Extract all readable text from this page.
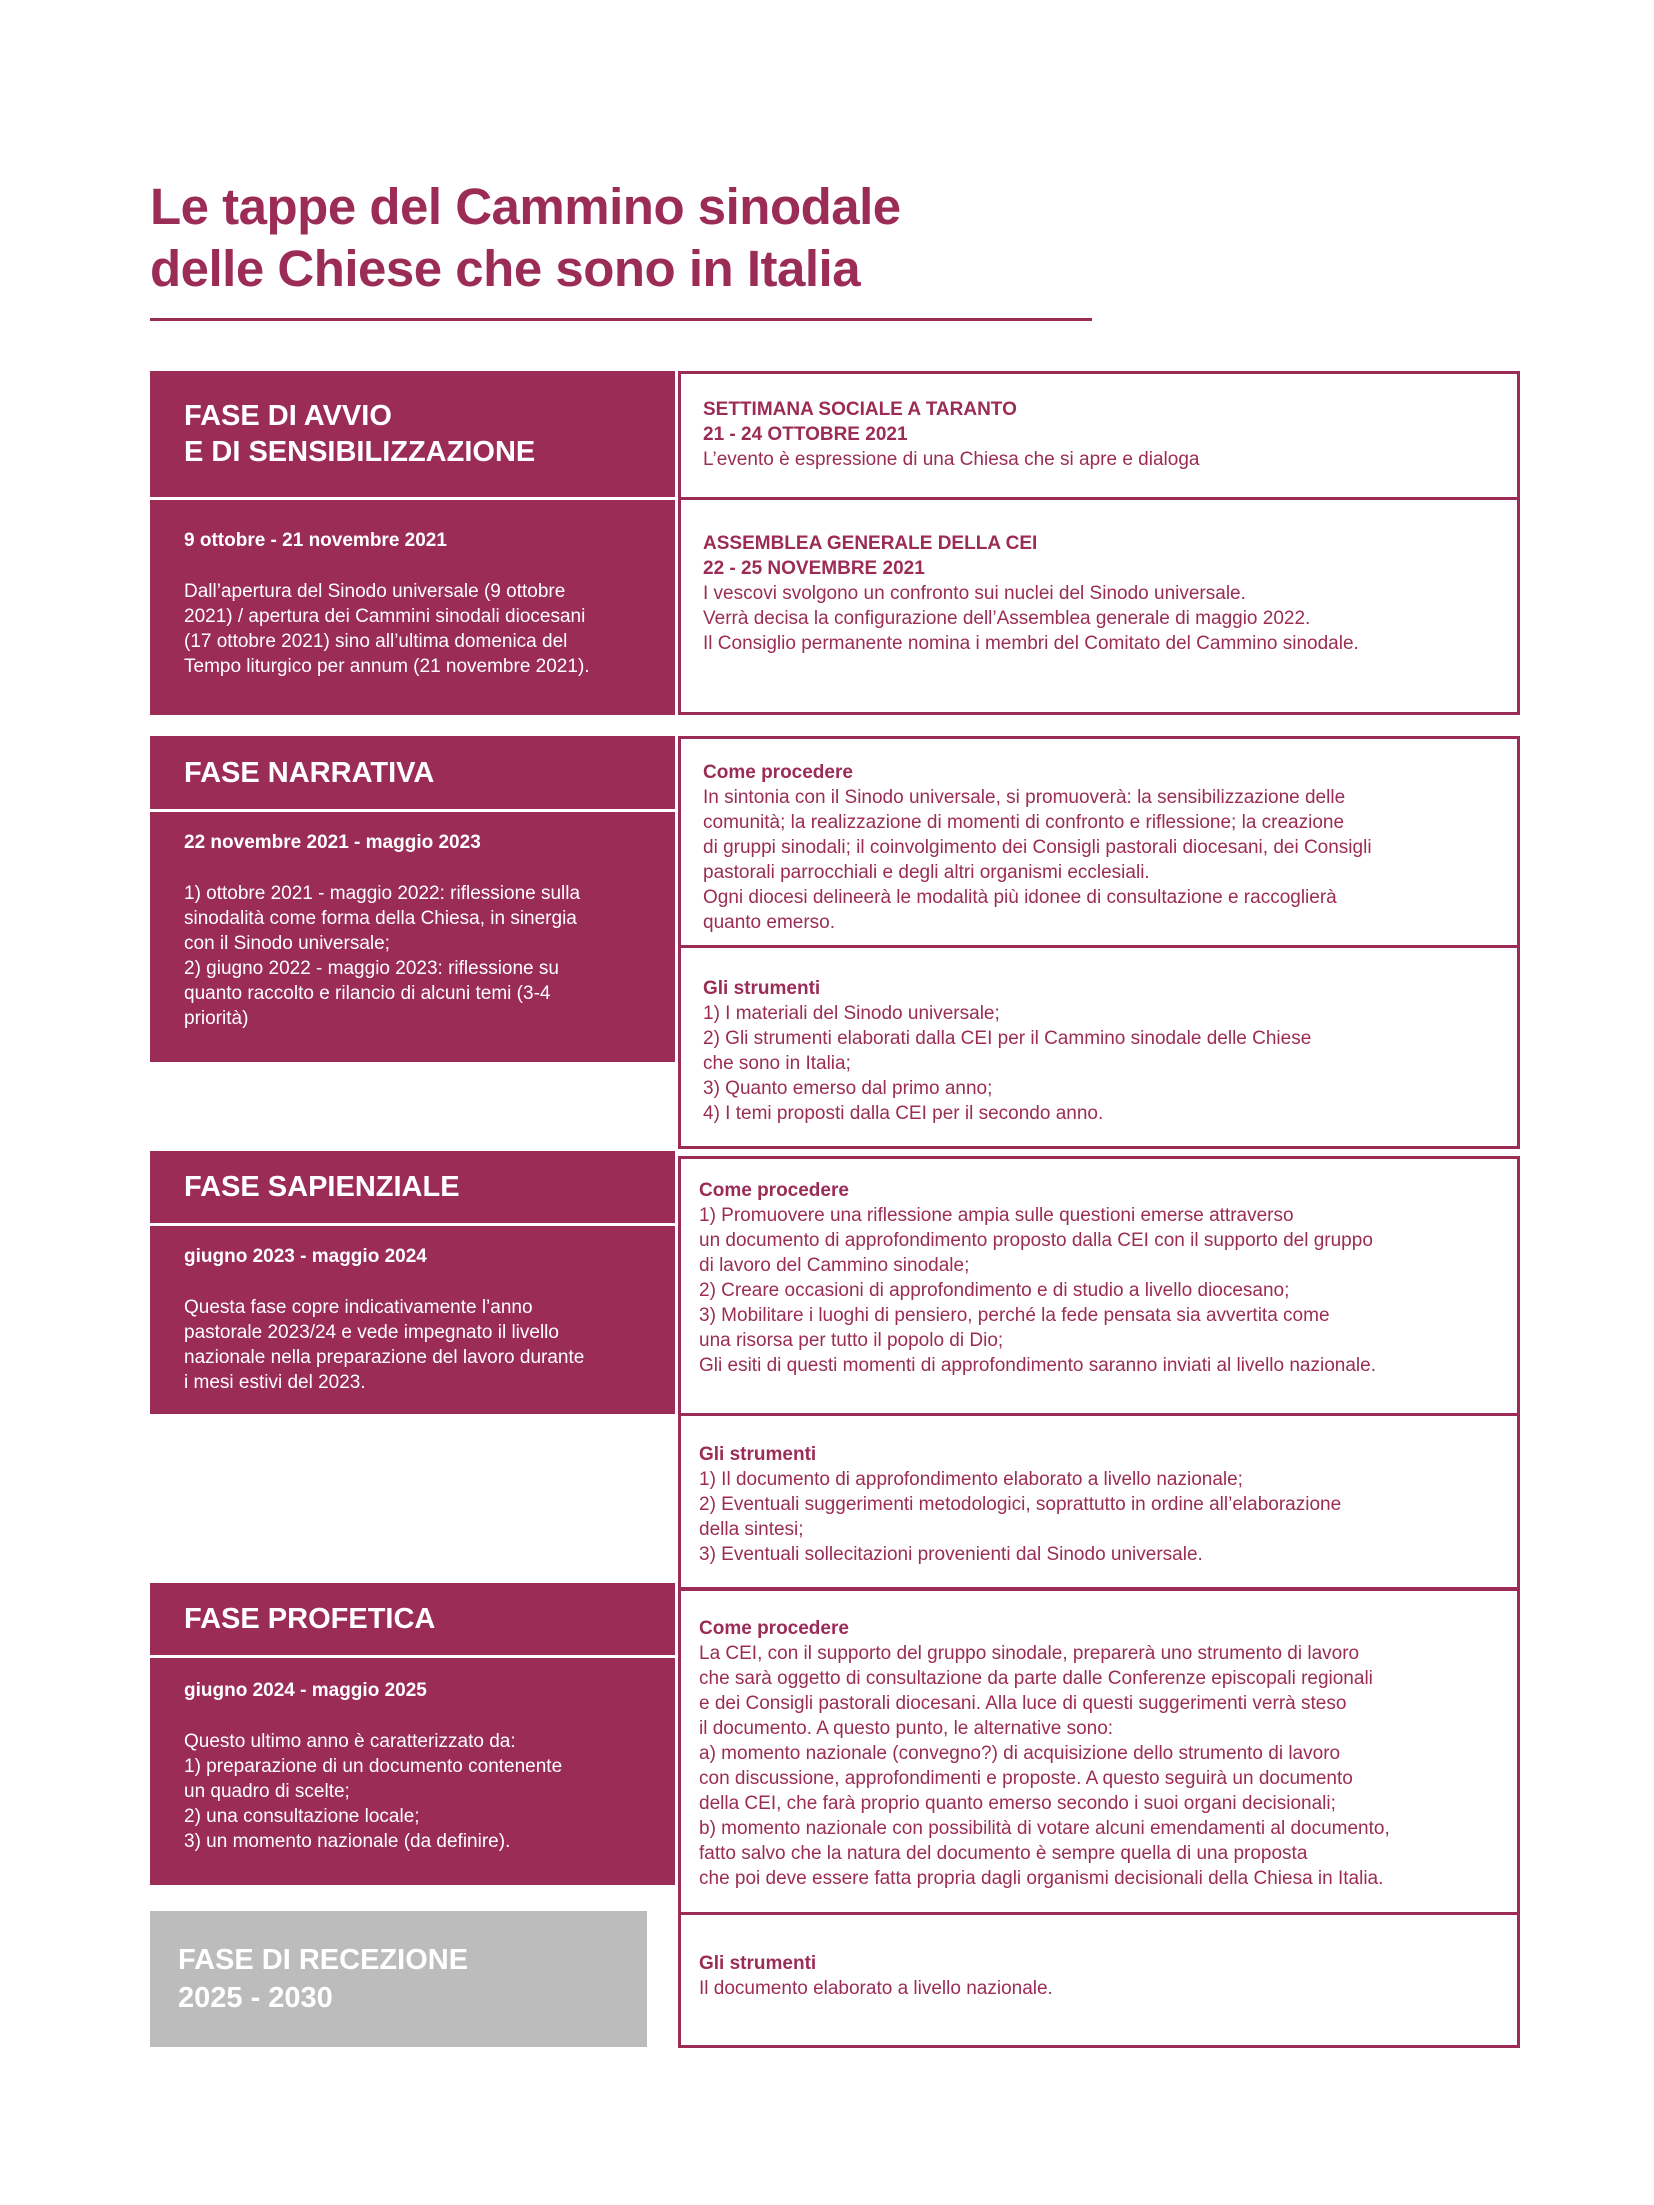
Le tappe del Cammino sinodale
delle Chiese che sono in Italia
SETTIMANA SOCIALE A TARANTO
21 - 24 OTTOBRE 2021
L’evento è espressione di una Chiesa che si apre e dialoga
ASSEMBLEA GENERALE DELLA CEI
22 - 25 NOVEMBRE 2021
I vescovi svolgono un confronto sui nuclei del Sinodo universale.
Verrà decisa la configurazione dell’Assemblea generale di maggio 2022.
Il Consiglio permanente nomina i membri del Comitato del Cammino sinodale.
Come procedere
In sintonia con il Sinodo universale, si promuoverà: la sensibilizzazione delle
comunità; la realizzazione di momenti di confronto e riflessione; la creazione
di gruppi sinodali; il coinvolgimento dei Consigli pastorali diocesani, dei Consigli
pastorali parrocchiali e degli altri organismi ecclesiali.
Ogni diocesi delineerà le modalità più idonee di consultazione e raccoglierà
quanto emerso.
Gli strumenti
1) I materiali del Sinodo universale;
2) Gli strumenti elaborati dalla CEI per il Cammino sinodale delle Chiese
che sono in Italia;
3) Quanto emerso dal primo anno;
4) I temi proposti dalla CEI per il secondo anno.
Come procedere
1) Promuovere una riflessione ampia sulle questioni emerse attraverso
un documento di approfondimento proposto dalla CEI con il supporto del gruppo
di lavoro del Cammino sinodale;
2) Creare occasioni di approfondimento e di studio a livello diocesano;
3) Mobilitare i luoghi di pensiero, perché la fede pensata sia avvertita come
una risorsa per tutto il popolo di Dio;
Gli esiti di questi momenti di approfondimento saranno inviati al livello nazionale.
Gli strumenti
1) Il documento di approfondimento elaborato a livello nazionale;
2) Eventuali suggerimenti metodologici, soprattutto in ordine all’elaborazione
della sintesi;
3) Eventuali sollecitazioni provenienti dal Sinodo universale.
Come procedere
La CEI, con il supporto del gruppo sinodale, preparerà uno strumento di lavoro
che sarà oggetto di consultazione da parte dalle Conferenze episcopali regionali
e dei Consigli pastorali diocesani. Alla luce di questi suggerimenti verrà steso
il documento. A questo punto, le alternative sono:
a) momento nazionale (convegno?) di acquisizione dello strumento di lavoro
con discussione, approfondimenti e proposte. A questo seguirà un documento
della CEI, che farà proprio quanto emerso secondo i suoi organi decisionali;
b) momento nazionale con possibilità di votare alcuni emendamenti al documento,
fatto salvo che la natura del documento è sempre quella di una proposta
che poi deve essere fatta propria dagli organismi decisionali della Chiesa in Italia.
Gli strumenti
Il documento elaborato a livello nazionale.
FASE DI AVVIO
E DI SENSIBILIZZAZIONE
9 ottobre - 21 novembre 2021
Dall’apertura del Sinodo universale (9 ottobre
2021) / apertura dei Cammini sinodali diocesani
(17 ottobre 2021) sino all’ultima domenica del
Tempo liturgico per annum (21 novembre 2021).
FASE NARRATIVA
22 novembre 2021 - maggio 2023
1) ottobre 2021 - maggio 2022: riflessione sulla
sinodalità come forma della Chiesa, in sinergia
con il Sinodo universale;
2) giugno 2022 - maggio 2023: riflessione su
quanto raccolto e rilancio di alcuni temi (3-4
priorità)
FASE SAPIENZIALE
giugno 2023 - maggio 2024
Questa fase copre indicativamente l’anno
pastorale 2023/24 e vede impegnato il livello
nazionale nella preparazione del lavoro durante
i mesi estivi del 2023.
FASE PROFETICA
giugno 2024 - maggio 2025
Questo ultimo anno è caratterizzato da:
1) preparazione di un documento contenente
un quadro di scelte;
2) una consultazione locale;
3) un momento nazionale (da definire).
FASE DI RECEZIONE
2025 - 2030
